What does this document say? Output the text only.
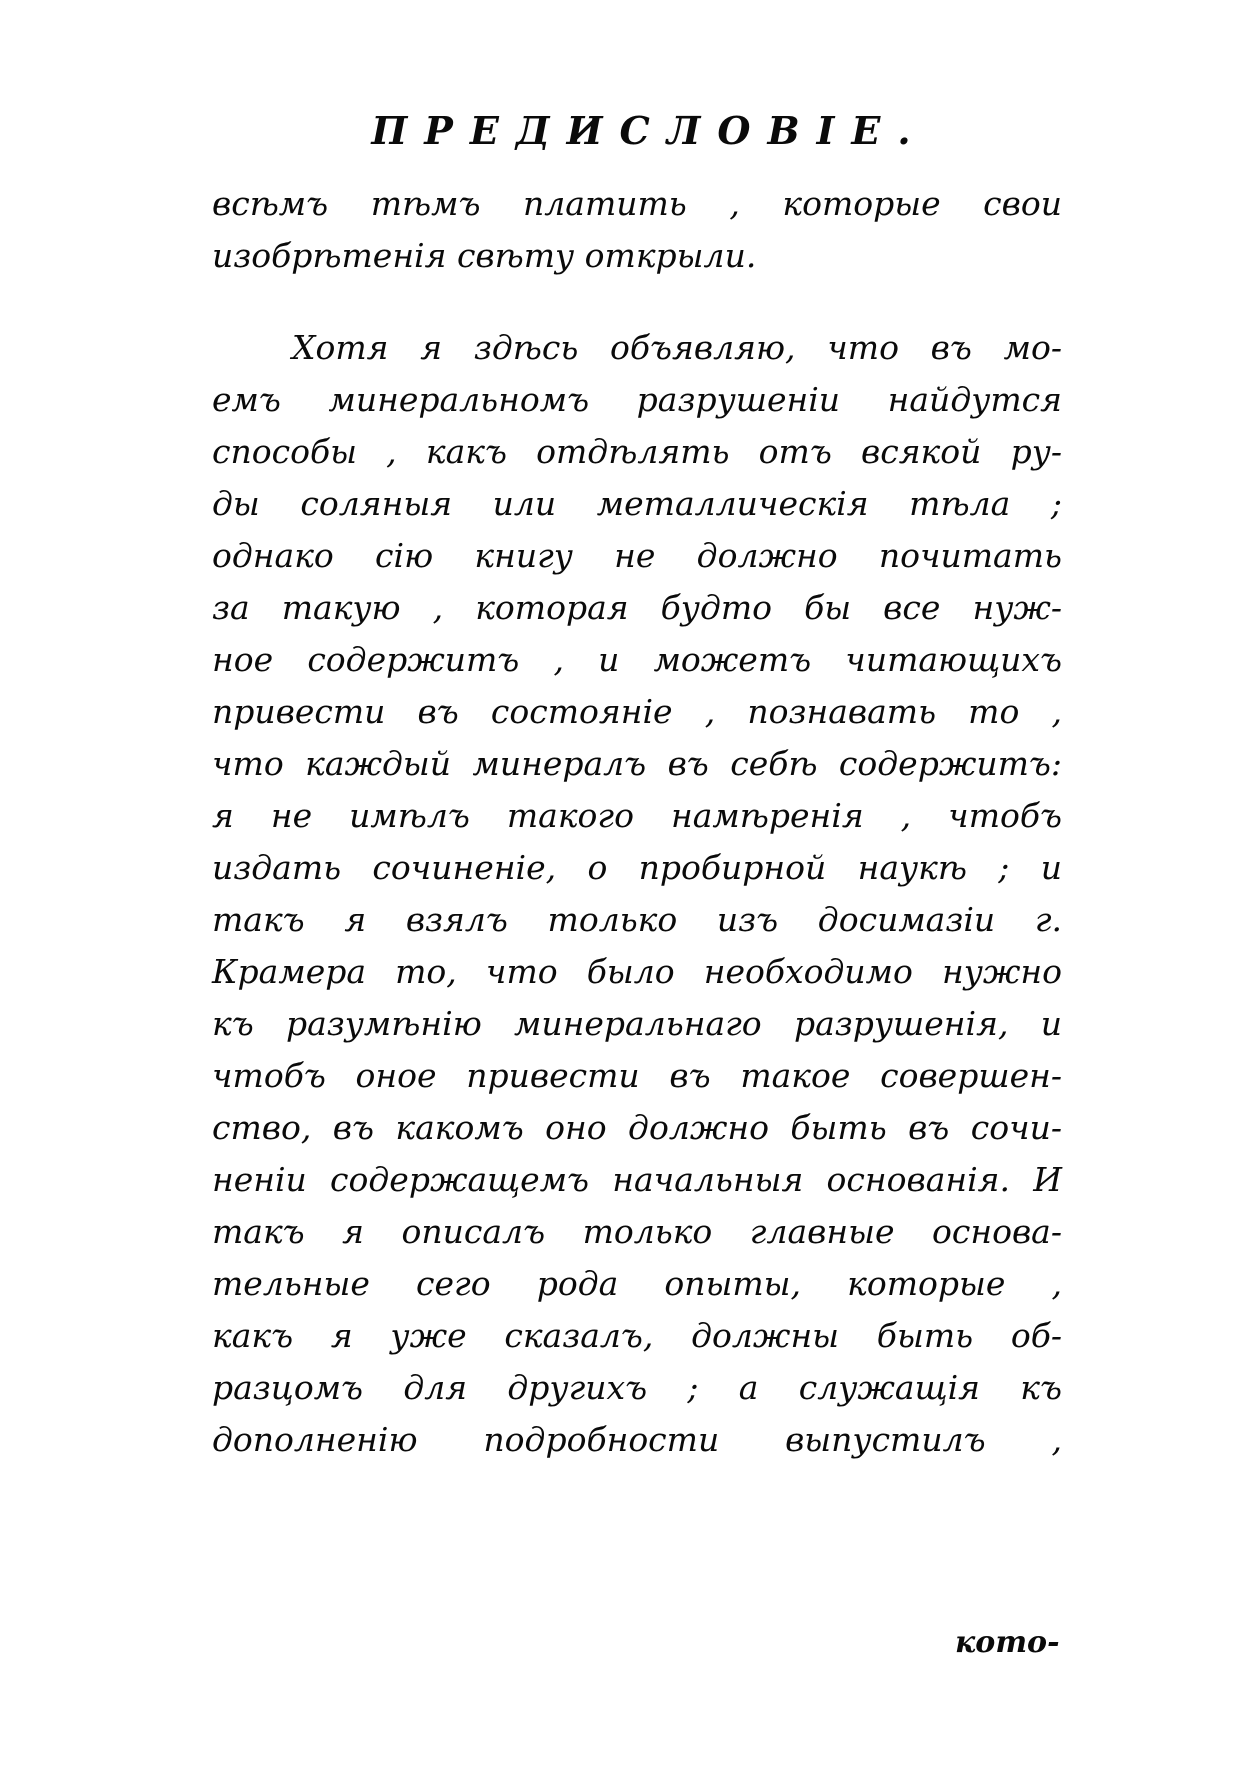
ПРЕДИСЛОВІЕ.
всѣмъ тѣмъ платить , которые свои
изобрѣтенія свѣту открыли.
Хотя я здѣсь объявляю, что въ мо-
емъ минеральномъ разрушеніи найдутся
способы , какъ отдѣлять отъ всякой ру-
ды соляныя или металлическія тѣла ;
однако сію книгу не должно почитать
за такую , которая будто бы все нуж-
ное содержитъ , и можетъ читающихъ
привести въ состояніе , познавать то ,
что каждый минералъ въ себѣ содержитъ:
я не имѣлъ такого намѣренія , чтобъ
издать сочиненіе, о пробирной наукѣ ; и
такъ я взялъ только изъ досимазіи г.
Крамера то, что было необходимо нужно
къ разумѣнію минеральнаго разрушенія, и
чтобъ оное привести въ такое совершен-
ство, въ какомъ оно должно быть въ сочи-
неніи содержащемъ начальныя основанія. И
такъ я описалъ только главные основа-
тельные сего рода опыты, которые ,
какъ я уже сказалъ, должны быть об-
разцомъ для другихъ ; а служащія къ
дополненію подробности выпустилъ ,
кото-
